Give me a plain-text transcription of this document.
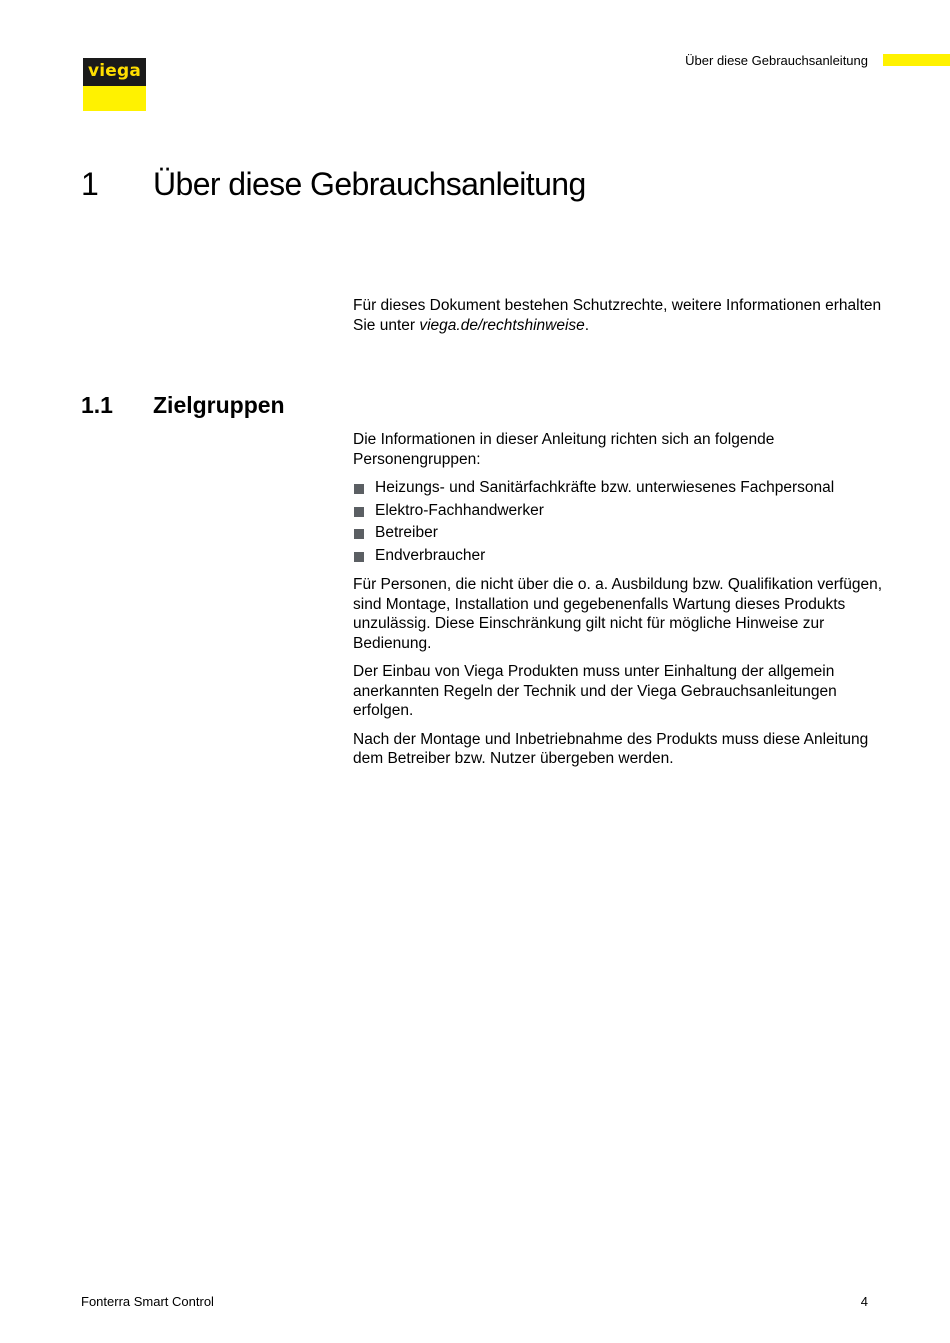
viega
Über diese Gebrauchsanleitung
1 Über diese Gebrauchsanleitung

Für dieses Dokument bestehen Schutzrechte, weitere Informationen erhalten Sie unter viega.de/rechtshinweise.

1.1 Zielgruppen

Die Informationen in dieser Anleitung richten sich an folgende Personengruppen:

Heizungs- und Sanitärfachkräfte bzw. unterwiesenes Fachpersonal
Elektro-Fachhandwerker
Betreiber
Endverbraucher

Für Personen, die nicht über die o. a. Ausbildung bzw. Qualifikation verfügen, sind Montage, Installation und gegebenenfalls Wartung dieses Produkts unzulässig. Diese Einschränkung gilt nicht für mögliche Hinweise zur Bedienung.

Der Einbau von Viega Produkten muss unter Einhaltung der allgemein anerkannten Regeln der Technik und der Viega Gebrauchsanleitungen erfolgen.

Nach der Montage und Inbetriebnahme des Produkts muss diese Anleitung dem Betreiber bzw. Nutzer übergeben werden.

Fonterra Smart Control	4
